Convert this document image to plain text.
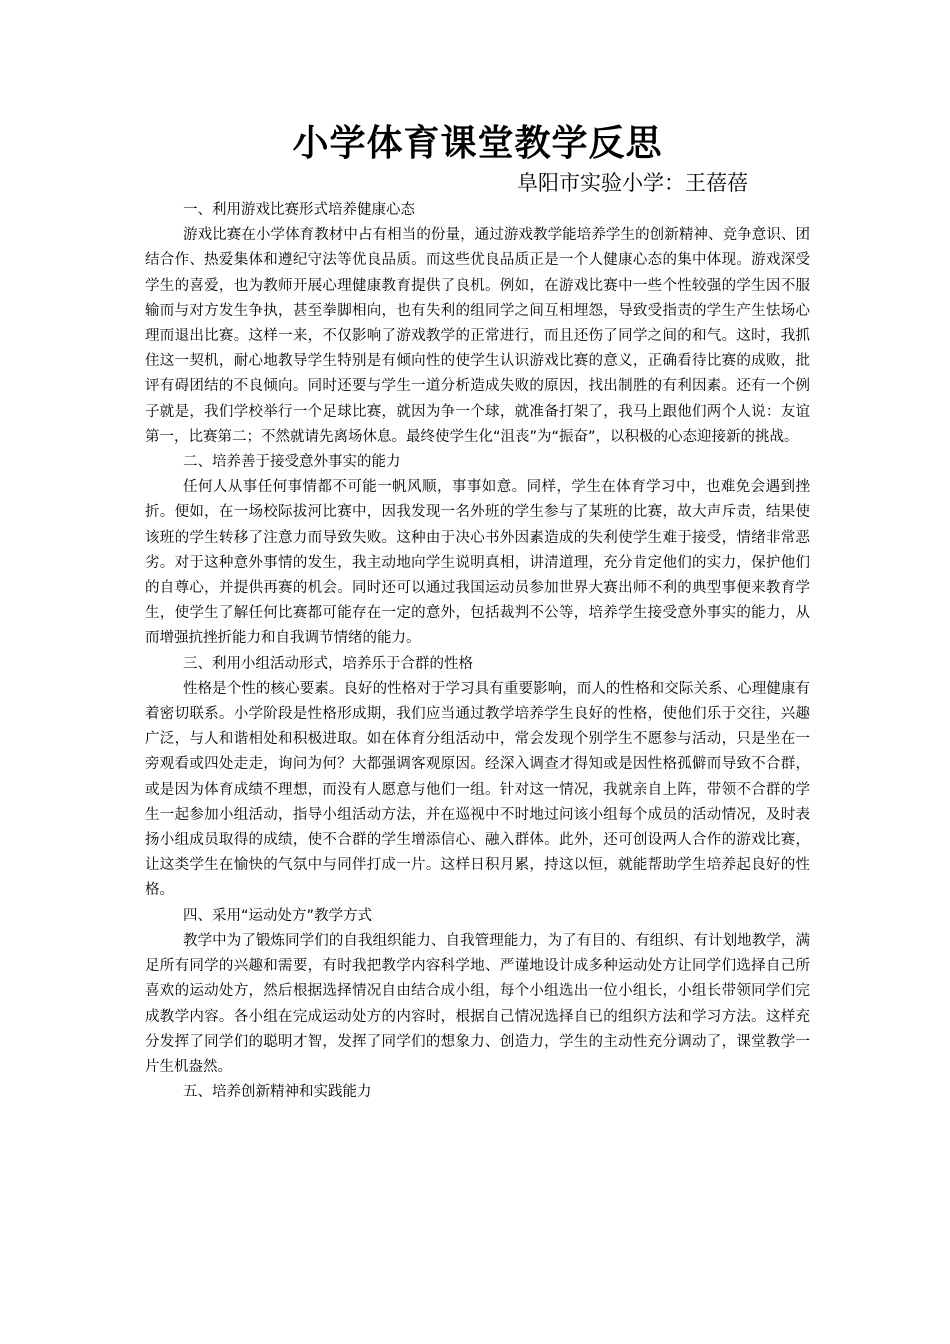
小学体育课堂教学反思

阜阳市实验小学：王蓓蓓

一、利用游戏比赛形式培养健康心态

游戏比赛在小学体育教材中占有相当的份量，通过游戏教学能培养学生的创新精神、竞争意识、团结合作、热爱集体和遵纪守法等优良品质。而这些优良品质正是一个人健康心态的集中体现。游戏深受学生的喜爱，也为教师开展心理健康教育提供了良机。例如，在游戏比赛中一些个性较强的学生因不服输而与对方发生争执，甚至拳脚相向，也有失利的组同学之间互相埋怨，导致受指责的学生产生怯场心理而退出比赛。这样一来，不仅影响了游戏教学的正常进行，而且还伤了同学之间的和气。这时，我抓住这一契机，耐心地教导学生特别是有倾向性的使学生认识游戏比赛的意义，正确看待比赛的成败，批评有碍团结的不良倾向。同时还要与学生一道分析造成失败的原因，找出制胜的有利因素。还有一个例子就是，我们学校举行一个足球比赛，就因为争一个球，就准备打架了，我马上跟他们两个人说：友谊第一，比赛第二；不然就请先离场休息。最终使学生化“沮丧”为“振奋”，以积极的心态迎接新的挑战。

二、培养善于接受意外事实的能力

任何人从事任何事情都不可能一帆风顺，事事如意。同样，学生在体育学习中，也难免会遇到挫折。便如，在一场校际拔河比赛中，因我发现一名外班的学生参与了某班的比赛，故大声斥责，结果使该班的学生转移了注意力而导致失败。这种由于决心书外因素造成的失利使学生难于接受，情绪非常恶劣。对于这种意外事情的发生，我主动地向学生说明真相，讲清道理，充分肯定他们的实力，保护他们的自尊心，并提供再赛的机会。同时还可以通过我国运动员参加世界大赛出师不利的典型事便来教育学生，使学生了解任何比赛都可能存在一定的意外，包括裁判不公等，培养学生接受意外事实的能力，从而增强抗挫折能力和自我调节情绪的能力。

三、利用小组活动形式，培养乐于合群的性格

性格是个性的核心要素。良好的性格对于学习具有重要影响，而人的性格和交际关系、心理健康有着密切联系。小学阶段是性格形成期，我们应当通过教学培养学生良好的性格，使他们乐于交往，兴趣广泛，与人和谐相处和积极进取。如在体育分组活动中，常会发现个别学生不愿参与活动，只是坐在一旁观看或四处走走，询问为何？大都强调客观原因。经深入调查才得知或是因性格孤僻而导致不合群，或是因为体育成绩不理想，而没有人愿意与他们一组。针对这一情况，我就亲自上阵，带领不合群的学生一起参加小组活动，指导小组活动方法，并在巡视中不时地过问该小组每个成员的活动情况，及时表扬小组成员取得的成绩，使不合群的学生增添信心、融入群体。此外，还可创设两人合作的游戏比赛，让这类学生在愉快的气氛中与同伴打成一片。这样日积月累，持这以恒，就能帮助学生培养起良好的性格。

四、采用“运动处方”教学方式

教学中为了锻炼同学们的自我组织能力、自我管理能力，为了有目的、有组织、有计划地教学，满足所有同学的兴趣和需要，有时我把教学内容科学地、严谨地设计成多种运动处方让同学们选择自己所喜欢的运动处方，然后根据选择情况自由结合成小组，每个小组选出一位小组长，小组长带领同学们完成教学内容。各小组在完成运动处方的内容时，根据自己情况选择自已的组织方法和学习方法。这样充分发挥了同学们的聪明才智，发挥了同学们的想象力、创造力，学生的主动性充分调动了，课堂教学一片生机盎然。

五、培养创新精神和实践能力
